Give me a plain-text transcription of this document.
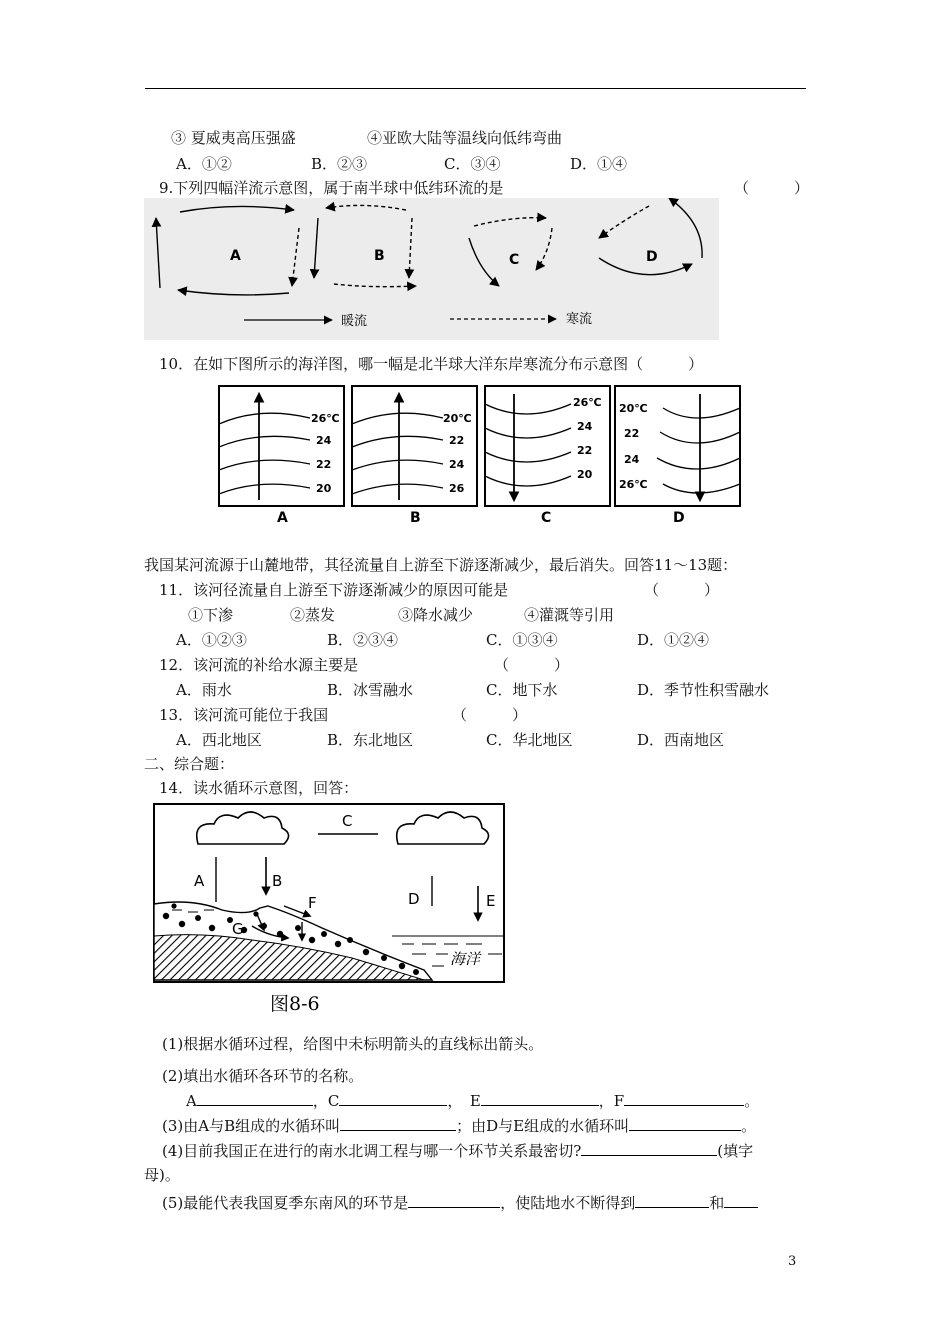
③ 夏威夷高压强盛	④亚欧大陆等温线向低纬弯曲
A．①②	B．②③	C．③④	D．①④
9.下列四幅洋流示意图，属于南半球中低纬环流的是	（　　　）
A	B	C	D
暖流	寒流
10．在如下图所示的海洋图，哪一幅是北半球大洋东岸寒流分布示意图（　　　）
26℃
24
22
20
20℃
22
24
26
26℃
24
22
20
20℃
22
24
26℃
A	B	C	D
我国某河流源于山麓地带，其径流量自上游至下游逐渐减少，最后消失。回答11～13题：
11．该河径流量自上游至下游逐渐减少的原因可能是	（　　　）
①下渗	②蒸发	③降水减少	④灌溉等引用
A．①②③	B．②③④	C．①③④	D．①②④
12．该河流的补给水源主要是	（　　　）
A．雨水	B．冰雪融水	C．地下水	D．季节性积雪融水
13．该河流可能位于我国	（　　　）
A．西北地区	B．东北地区	C．华北地区	D．西南地区
二、综合题：
14．读水循环示意图，回答：
C
A	B
D	E
F
G
海洋
图8-6
(1)根据水循环过程，给图中未标明箭头的直线标出箭头。
(2)填出水循环各环节的名称。
A	，C	，　E	，F	。
(3)由A与B组成的水循环叫	；由D与E组成的水循环叫	。
(4)目前我国正在进行的南水北调工程与哪一个环节关系最密切?	(填字
母)。
(5)最能代表我国夏季东南风的环节是	，使陆地水不断得到	和
3
